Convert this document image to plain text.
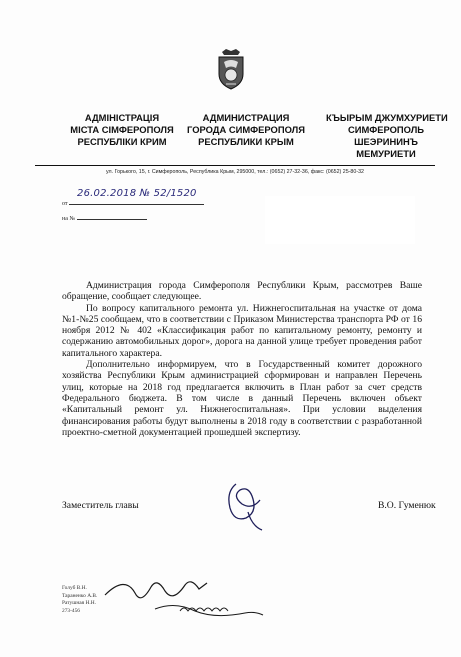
АДМІНІСТРАЦІЯ
МІСТА СІМФЕРОПОЛЯ
РЕСПУБЛІКИ КРИМ
АДМИНИСТРАЦИЯ
ГОРОДА СИМФЕРОПОЛЯ
РЕСПУБЛИКИ КРЫМ
КЪЫРЫМ ДЖУМХУРИЕТИ
СИМФЕРОПОЛЬ
ШЕЭРИНИНЪ
МЕМУРИЕТИ
ул. Горького, 15, г. Симферополь, Республика Крым, 295000, тел.: (0652) 27-32-36, факс: (0652) 25-80-32
от
26.02.2018 № 52/1520
на №

Администрация города Симферополя Республики Крым, рассмотрев Ваше обращение, сообщает следующее.

По вопросу капитального ремонта ул. Нижнегоспитальная на участке от дома №1-№25 сообщаем, что в соответствии с Приказом Министерства транспорта РФ от 16 ноября 2012 № 402 «Классификация работ по капитальному ремонту, ремонту и содержанию автомобильных дорог», дорога на данной улице требует проведения работ капитального характера.

Дополнительно информируем, что в Государственный комитет дорожного хозяйства Республики Крым администрацией сформирован и направлен Перечень улиц, которые на 2018 год предлагается включить в План работ за счет средств Федерального бюджета. В том числе в данный Перечень включен объект «Капитальный ремонт ул. Нижнегоспитальная». При условии выделения финансирования работы будут выполнены в 2018 году в соответствии с разработанной проектно-сметной документацией прошедшей экспертизу.

Заместитель главы	В.О. Гуменюк
Голуб В.Н.
Тараненко А.В.
Ратушная Н.Н.
273-456
